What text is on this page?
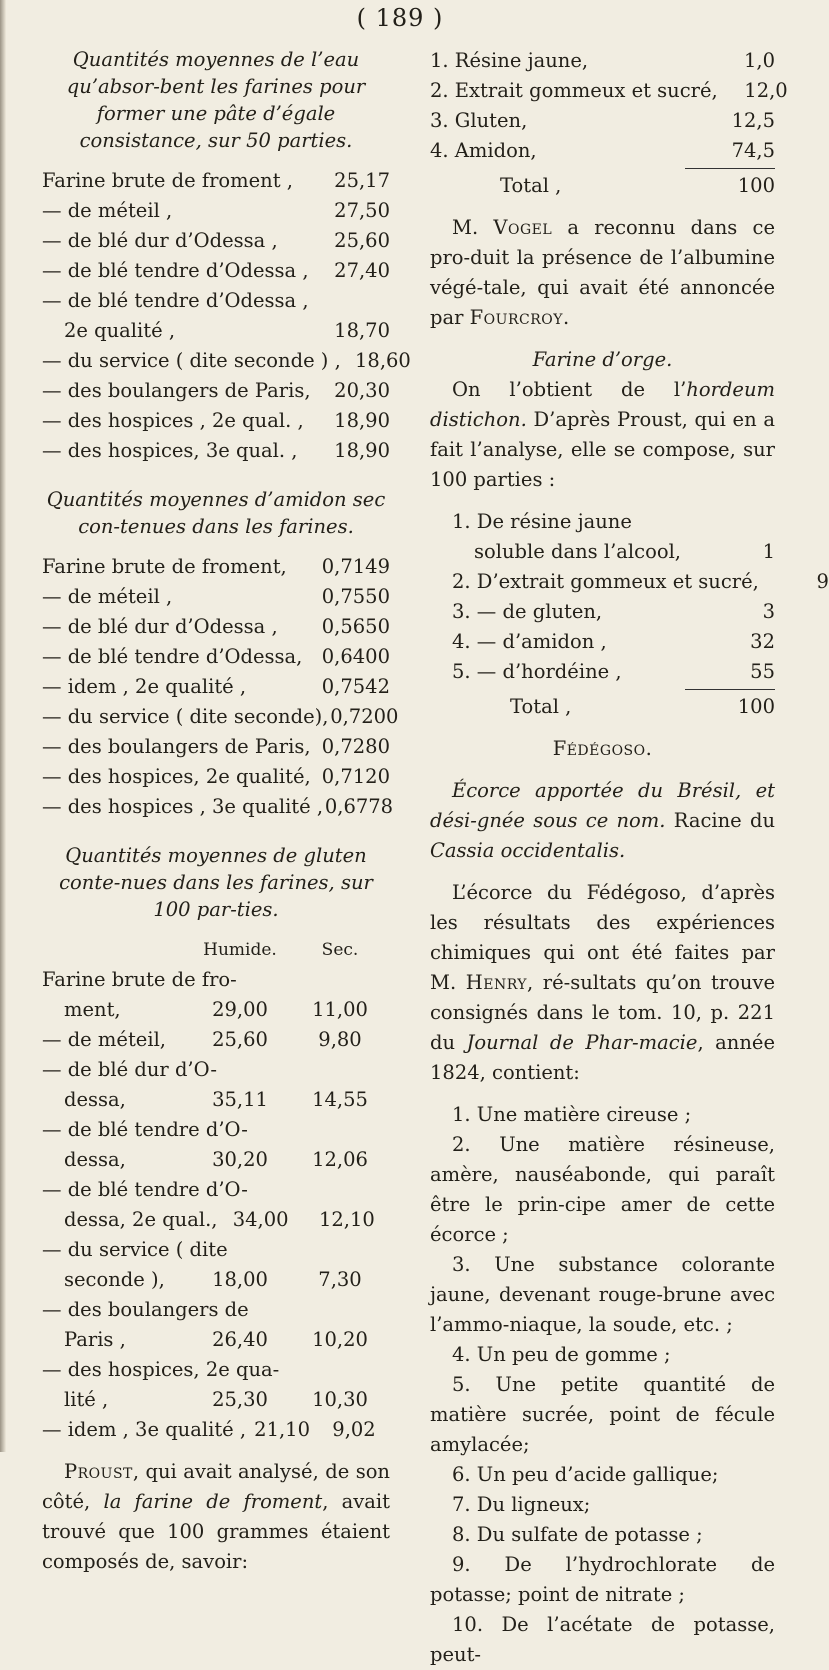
( 189 )
Quantités moyennes de l’eau qu’absor-bent les farines pour former une pâte d’égale consistance, sur 50 parties.
Farine brute de froment ,	25,17
— de méteil ,	27,50
— de blé dur d’Odessa ,	25,60
— de blé tendre d’Odessa ,	27,40
— de blé tendre d’Odessa ,
2e qualité ,	18,70
— du service ( dite seconde ) , 18,60
— des boulangers de Paris,	20,30
— des hospices , 2e qual. ,	18,90
— des hospices, 3e qual. ,	18,90
Quantités moyennes d’amidon sec con-tenues dans les farines.
Farine brute de froment,	0,7149
— de méteil ,	0,7550
— de blé dur d’Odessa ,	0,5650
— de blé tendre d’Odessa, 0,6400
— idem , 2e qualité ,	0,7542
— du service ( dite seconde), 0,7200
— des boulangers de Paris, 0,7280
— des hospices, 2e qualité, 0,7120
— des hospices , 3e qualité , 0,6778
Quantités moyennes de gluten conte-nues dans les farines, sur 100 par-ties.
Humide.	Sec.
Farine brute de fro-
ment,	29,00	11,00
— de méteil,	25,60	9,80
— de blé dur d’O-
dessa,	35,11	14,55
— de blé tendre d’O-
dessa,	30,20	12,06
— de blé tendre d’O-
dessa, 2e qual., 34,00	12,10
— du service ( dite
seconde ),	18,00	7,30
— des boulangers de
Paris ,	26,40	10,20
— des hospices, 2e qua-
lité ,	25,30	10,30
— idem , 3e qualité , 21,10	9,02
Proust, qui avait analysé, de son côté, la farine de froment, avait trouvé que 100 grammes étaient composés de, savoir:
1. Résine jaune,	1,0
2. Extrait gommeux et sucré,	12,0
3. Gluten,	12,5
4. Amidon,	74,5
Total ,	100
M. Vogel a reconnu dans ce pro-duit la présence de l’albumine végé-tale, qui avait été annoncée par Fourcroy.
Farine d’orge.
On l’obtient de l’hordeum distichon. D’après Proust, qui en a fait l’analyse, elle se compose, sur 100 parties :
1. De résine jaune soluble dans l’alcool,	1
2. D’extrait gommeux et sucré,	9
3. — de gluten,	3
4. — d’amidon ,	32
5. — d’hordéine ,	55
Total ,	100
Fédégoso.
Écorce apportée du Brésil, et dési-gnée sous ce nom. Racine du Cassia occidentalis.
L’écorce du Fédégoso, d’après les résultats des expériences chimiques qui ont été faites par M. Henry, ré-sultats qu’on trouve consignés dans le tom. 10, p. 221 du Journal de Phar-macie, année 1824, contient:
1. Une matière cireuse ;
2. Une matière résineuse, amère, nauséabonde, qui paraît être le prin-cipe amer de cette écorce ;
3. Une substance colorante jaune, devenant rouge-brune avec l’ammo-niaque, la soude, etc. ;
4. Un peu de gomme ;
5. Une petite quantité de matière sucrée, point de fécule amylacée;
6. Un peu d’acide gallique;
7. Du ligneux;
8. Du sulfate de potasse ;
9. De l’hydrochlorate de potasse; point de nitrate ;
10. De l’acétate de potasse, peut-
